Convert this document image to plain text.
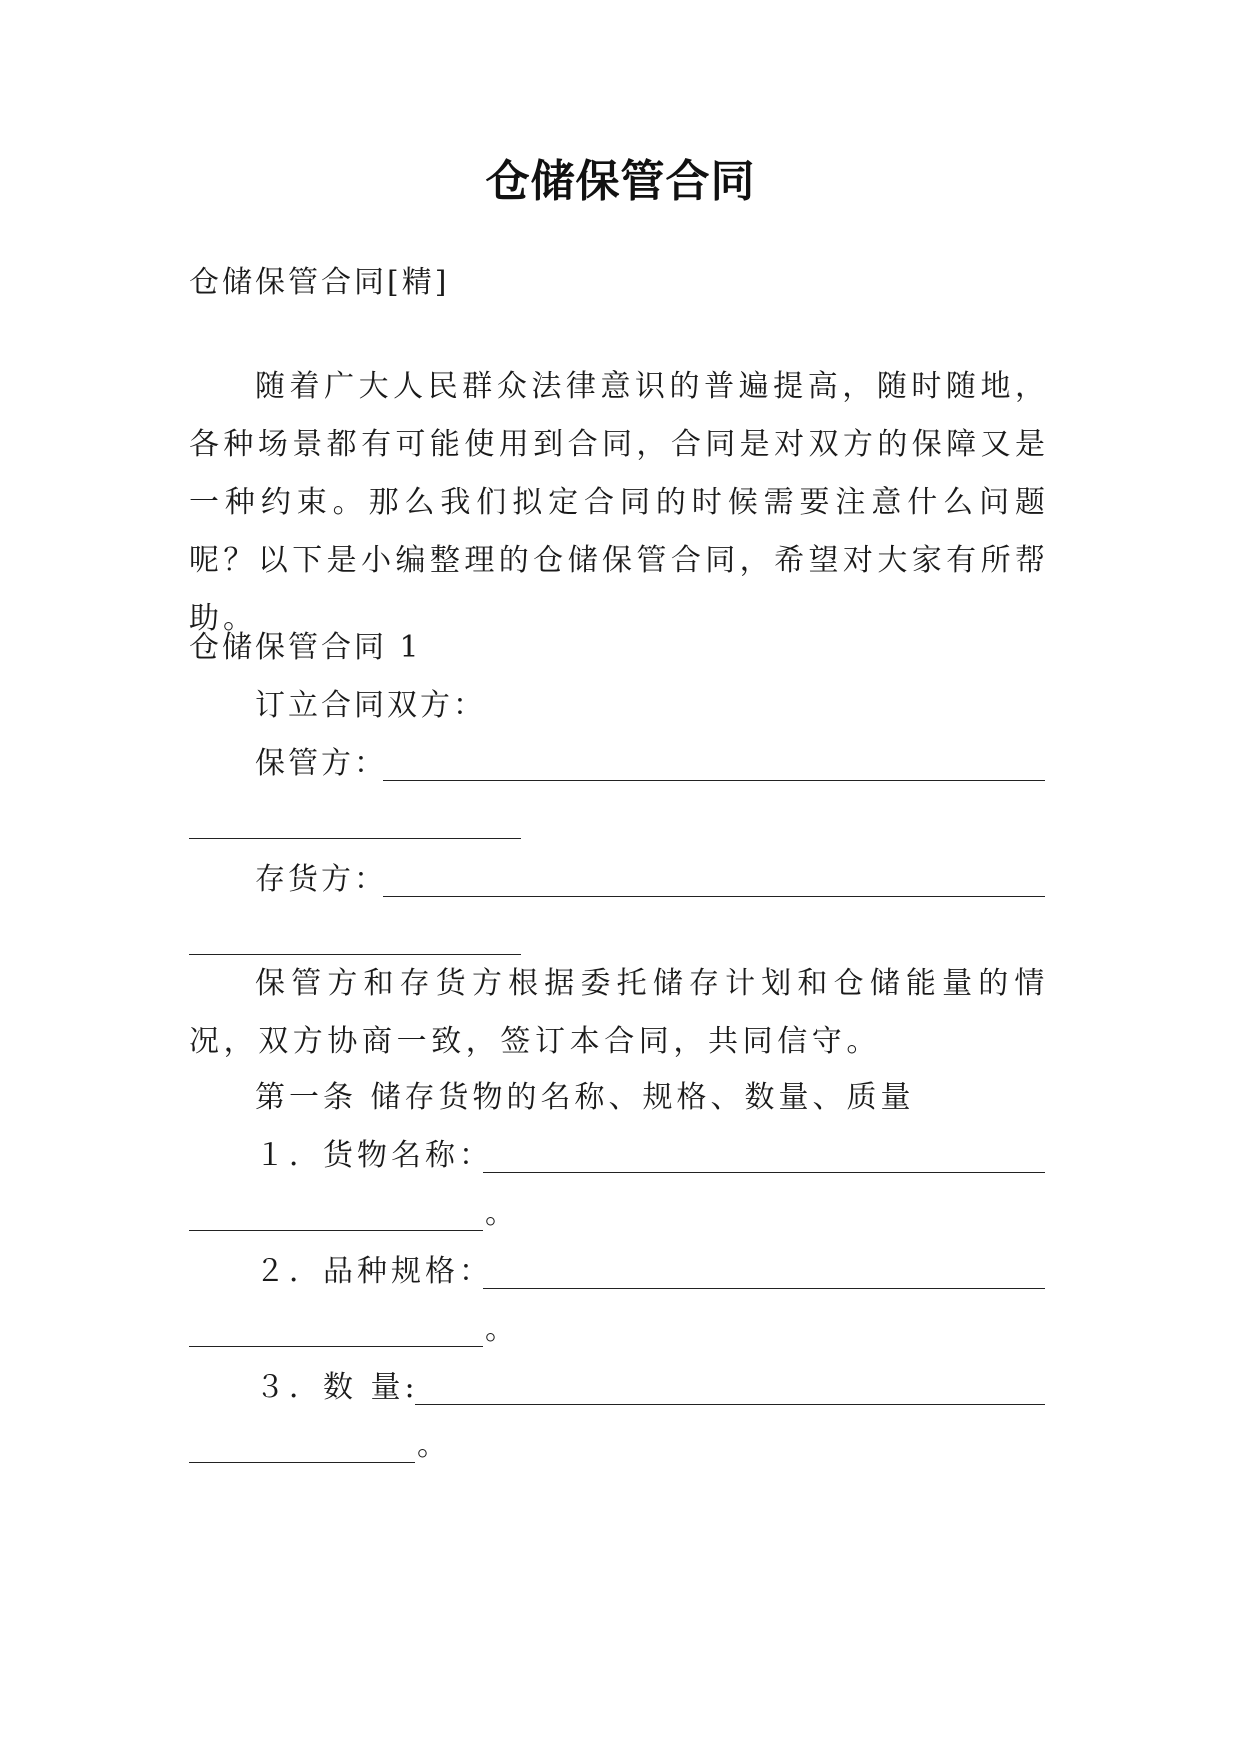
仓储保管合同
仓储保管合同[精]
随着广大人民群众法律意识的普遍提高，随时随地，各种场景都有可能使用到合同，合同是对双方的保障又是一种约束。那么我们拟定合同的时候需要注意什么问题呢？以下是小编整理的仓储保管合同，希望对大家有所帮助。
仓储保管合同 1
订立合同双方：
保管方：
存货方：
保管方和存货方根据委托储存计划和仓储能量的情况，双方协商一致，签订本合同，共同信守。
第一条 储存货物的名称、规格、数量、质量
１．货物名称：
。
２．品种规格：
。
３．数 量:
。
